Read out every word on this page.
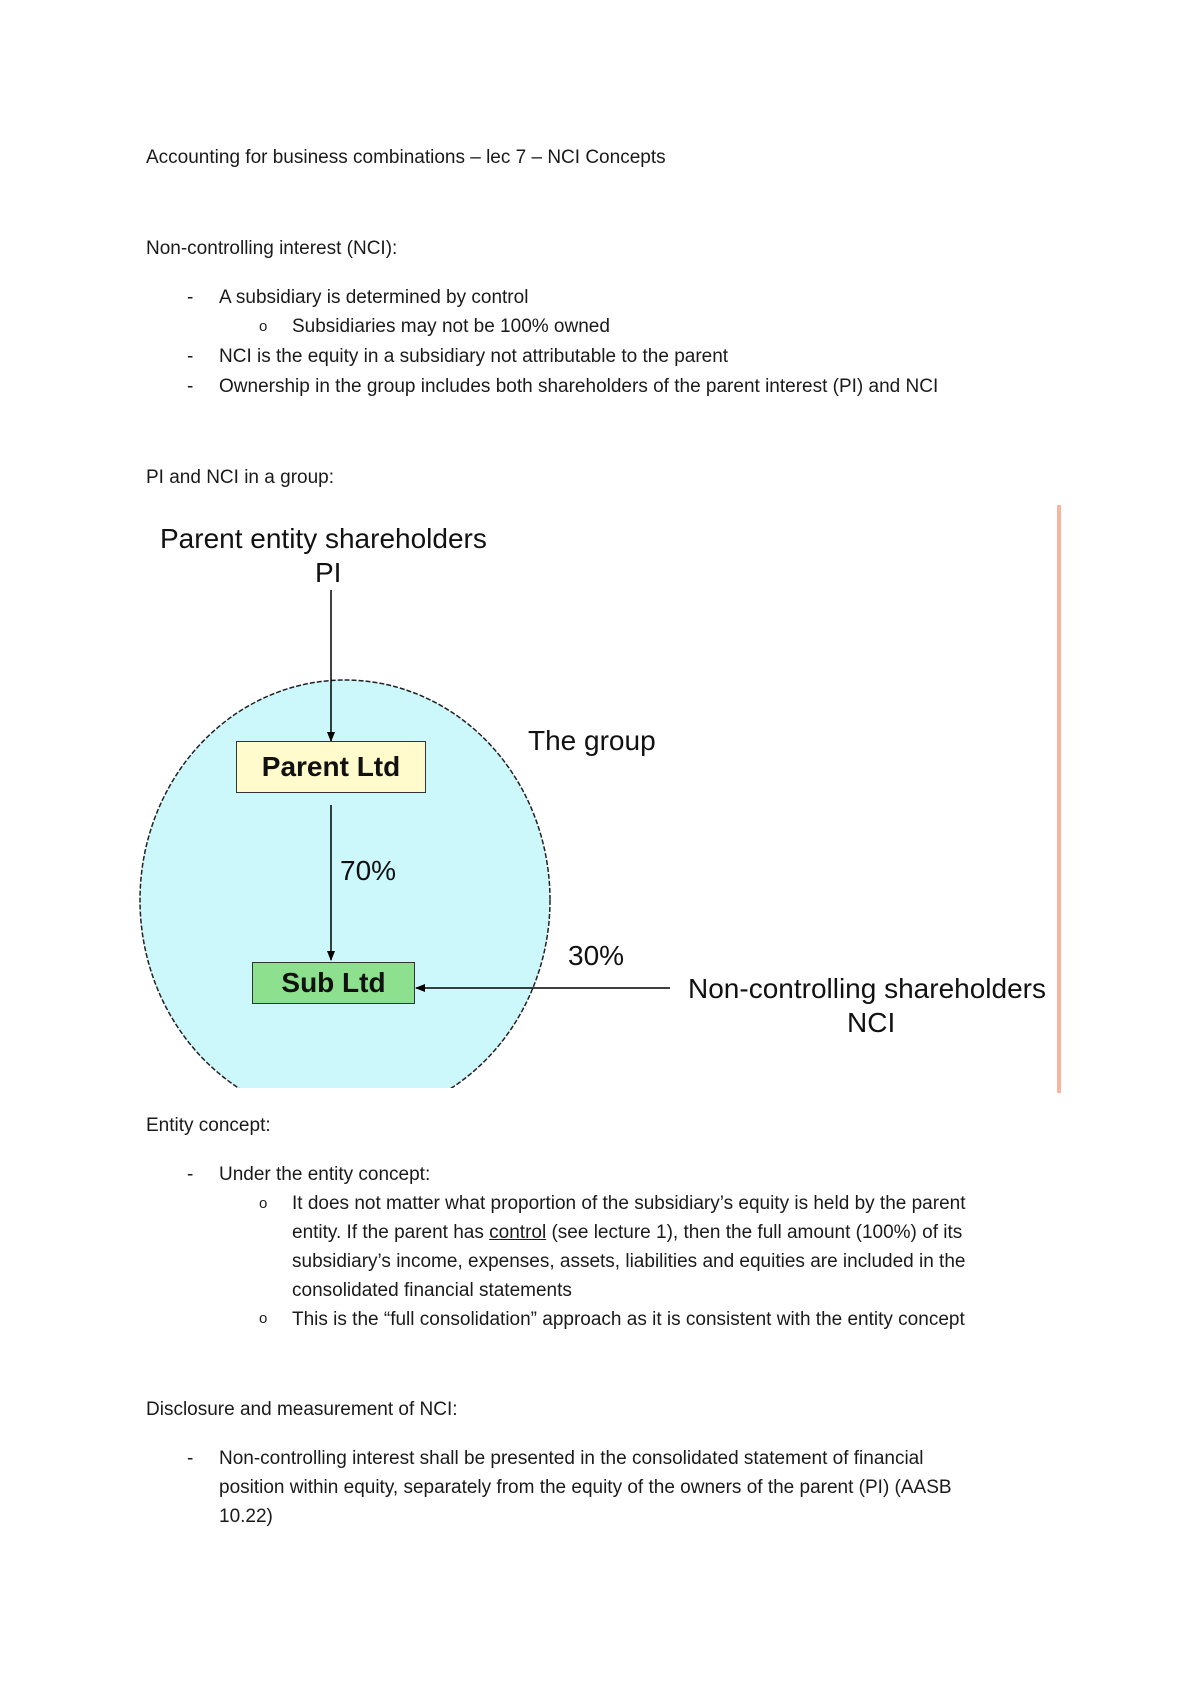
Accounting for business combinations – lec 7 – NCI Concepts
Non-controlling interest (NCI):
- A subsidiary is determined by control
o Subsidiaries may not be 100% owned
- NCI is the equity in a subsidiary not attributable to the parent
- Ownership in the group includes both shareholders of the parent interest (PI) and NCI
PI and NCI in a group:
Parent entity shareholders
PI
The group
Parent Ltd
70%
Sub Ltd
30%
Non-controlling shareholders
NCI
Entity concept:
- Under the entity concept:
o It does not matter what proportion of the subsidiary’s equity is held by the parent
entity. If the parent has control (see lecture 1), then the full amount (100%) of its
subsidiary’s income, expenses, assets, liabilities and equities are included in the
consolidated financial statements
o This is the “full consolidation” approach as it is consistent with the entity concept
Disclosure and measurement of NCI:
- Non-controlling interest shall be presented in the consolidated statement of financial
position within equity, separately from the equity of the owners of the parent (PI) (AASB
10.22)
